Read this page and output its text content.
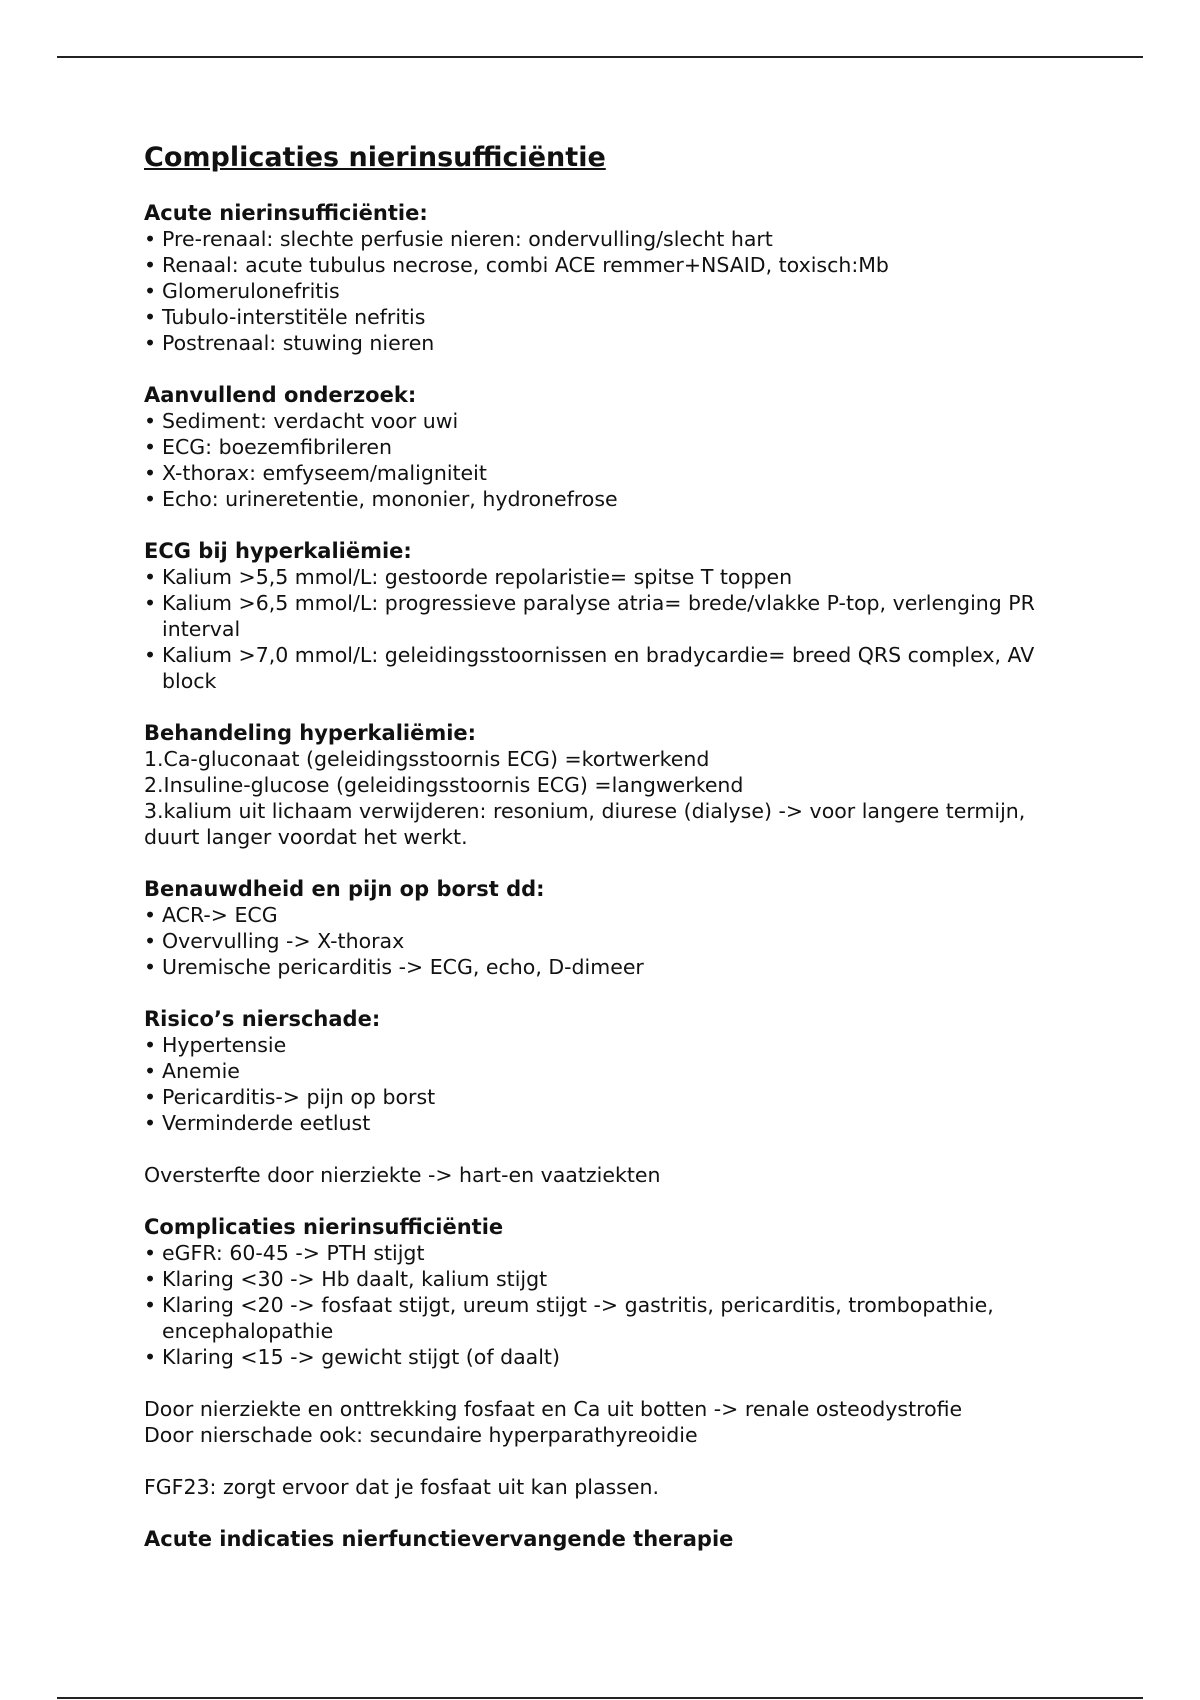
Complicaties nierinsufficiëntie

Acute nierinsufficiëntie:

• Pre-renaal: slechte perfusie nieren: ondervulling/slecht hart
• Renaal: acute tubulus necrose, combi ACE remmer+NSAID, toxisch:Mb
• Glomerulonefritis
• Tubulo-interstitële nefritis
• Postrenaal: stuwing nieren

Aanvullend onderzoek:

• Sediment: verdacht voor uwi
• ECG: boezemfibrileren
• X-thorax: emfyseem/maligniteit
• Echo: urineretentie, mononier, hydronefrose

ECG bij hyperkaliëmie:

• Kalium >5,5 mmol/L: gestoorde repolaristie= spitse T toppen
• Kalium >6,5 mmol/L: progressieve paralyse atria= brede/vlakke P-top, verlenging PR interval
• Kalium >7,0 mmol/L: geleidingsstoornissen en bradycardie= breed QRS complex, AV block

Behandeling hyperkaliëmie:

1.Ca-gluconaat (geleidingsstoornis ECG) =kortwerkend
2.Insuline-glucose (geleidingsstoornis ECG) =langwerkend
3.kalium uit lichaam verwijderen: resonium, diurese (dialyse) -> voor langere termijn, duurt langer voordat het werkt.

Benauwdheid en pijn op borst dd:

• ACR-> ECG
• Overvulling -> X-thorax
• Uremische pericarditis -> ECG, echo, D-dimeer

Risico’s nierschade:

• Hypertensie
• Anemie
• Pericarditis-> pijn op borst
• Verminderde eetlust

Oversterfte door nierziekte -> hart-en vaatziekten

Complicaties nierinsufficiëntie

• eGFR: 60-45 -> PTH stijgt
• Klaring <30 -> Hb daalt, kalium stijgt
• Klaring <20 -> fosfaat stijgt, ureum stijgt -> gastritis, pericarditis, trombopathie, encephalopathie
• Klaring <15 -> gewicht stijgt (of daalt)

Door nierziekte en onttrekking fosfaat en Ca uit botten -> renale osteodystrofie

Door nierschade ook: secundaire hyperparathyreoidie

FGF23: zorgt ervoor dat je fosfaat uit kan plassen.

Acute indicaties nierfunctievervangende therapie
